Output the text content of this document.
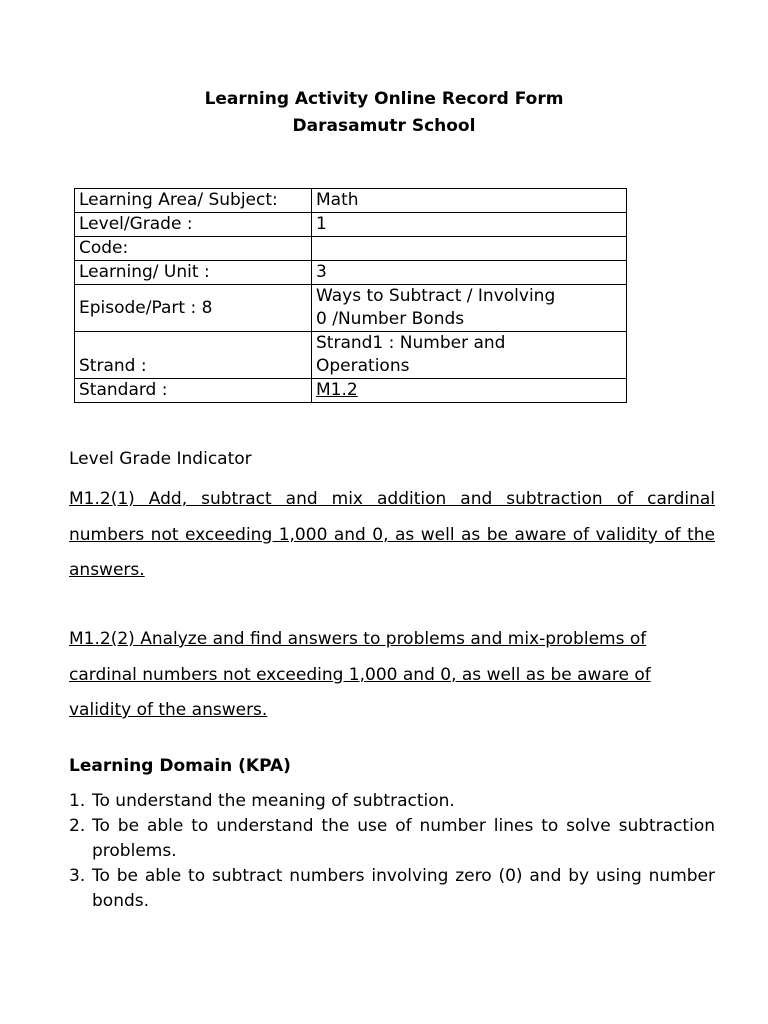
Learning Activity Online Record Form
Darasamutr School
Learning Area/ Subject:	Math
Level/Grade :	1
Code:	
Learning/ Unit :	3
Episode/Part : 8	Ways to Subtract / Involving
0 /Number Bonds

Strand :	Strand1 : Number and
Operations

Standard :	M1.2
Level Grade Indicator
M1.2(1) Add, subtract and mix addition and subtraction of cardinal numbers not exceeding 1,000 and 0, as well as be aware of validity of the answers.
M1.2(2) Analyze and find answers to problems and mix-problems of cardinal numbers not exceeding 1,000 and 0, as well as be aware of validity of the answers.
Learning Domain (KPA)
1. To understand the meaning of subtraction.
2. To be able to understand the use of number lines to solve subtraction problems.
3. To be able to subtract numbers involving zero (0) and by using number bonds.
